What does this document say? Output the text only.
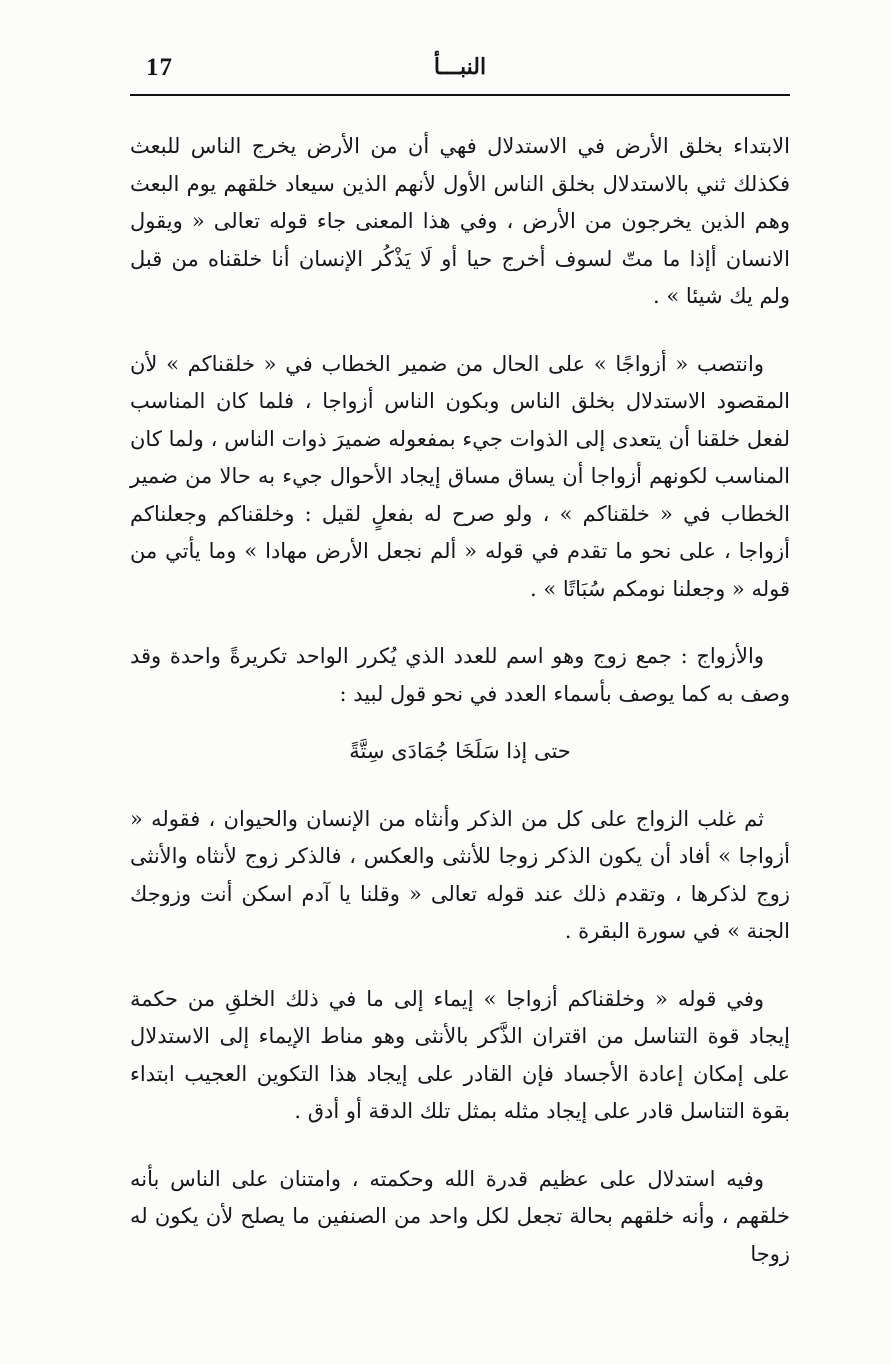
17	النبـــأ

الابتداء بخلق الأرض في الاستدلال فهي أن من الأرض يخرج الناس للبعث فكذلك ثني بالاستدلال بخلق الناس الأول لأنهم الذين سيعاد خلقهم يوم البعث وهم الذين يخرجون من الأرض ، وفي هذا المعنى جاء قوله تعالى « ويقول الانسان أإذا ما متّ لسوف أخرج حيا أو لَا يَذْكُر الإنسان أنا خلقناه من قبل ولم يك شيئا » .

وانتصب « أزواجًا » على الحال من ضمير الخطاب في « خلقناكم » لأن المقصود الاستدلال بخلق الناس وبكون الناس أزواجا ، فلما كان المناسب لفعل خلقنا أن يتعدى إلى الذوات جيء بمفعوله ضميرَ ذوات الناس ، ولما كان المناسب لكونهم أزواجا أن يساق مساق إيجاد الأحوال جيء به حالا من ضمير الخطاب في « خلقناكم » ، ولو صرح له بفعلٍ لقيل : وخلقناكم وجعلناكم أزواجا ، على نحو ما تقدم في قوله « ألم نجعل الأرض مهادا » وما يأتي من قوله « وجعلنا نومكم سُبَاتًا » .

والأزواج : جمع زوج وهو اسم للعدد الذي يُكرر الواحد تكريرةً واحدة وقد وصف به كما يوصف بأسماء العدد في نحو قول لبيد :

حتى إذا سَلَخَا جُمَادَى سِتَّةً

ثم غلب الزواج على كل من الذكر وأنثاه من الإنسان والحيوان ، فقوله « أزواجا » أفاد أن يكون الذكر زوجا للأنثى والعكس ، فالذكر زوج لأنثاه والأنثى زوج لذكرها ، وتقدم ذلك عند قوله تعالى « وقلنا يا آدم اسكن أنت وزوجك الجنة » في سورة البقرة .

وفي قوله « وخلقناكم أزواجا » إيماء إلى ما في ذلك الخلقِ من حكمة إيجاد قوة التناسل من اقتران الذَّكر بالأنثى وهو مناط الإيماء إلى الاستدلال على إمكان إعادة الأجساد فإن القادر على إيجاد هذا التكوين العجيب ابتداء بقوة التناسل قادر على إيجاد مثله بمثل تلك الدقة أو أدق .

وفيه استدلال على عظيم قدرة الله وحكمته ، وامتنان على الناس بأنه خلقهم ، وأنه خلقهم بحالة تجعل لكل واحد من الصنفين ما يصلح لأن يكون له زوجا
